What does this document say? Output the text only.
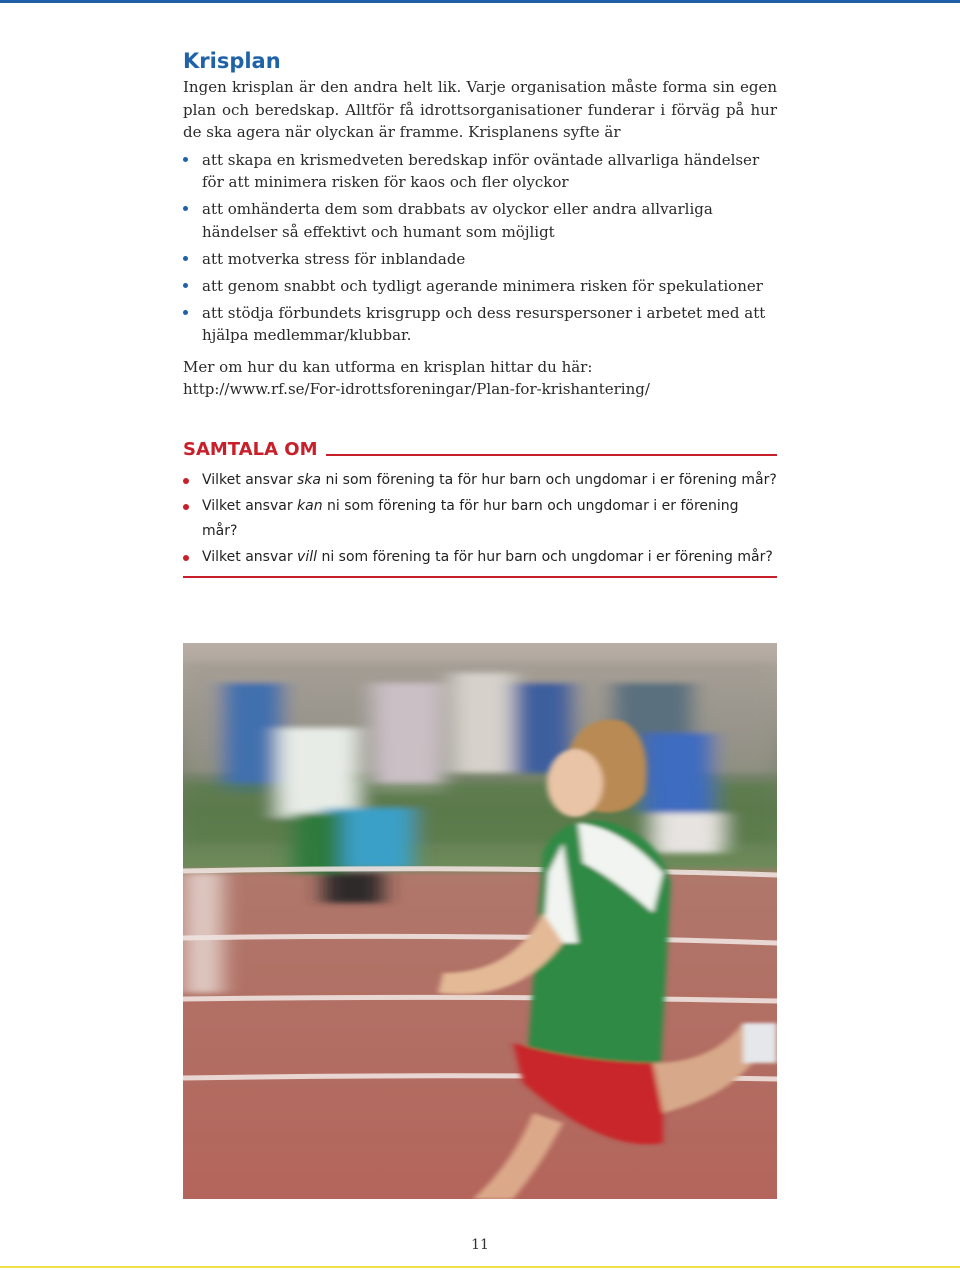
Krisplan

Ingen krisplan är den andra helt lik. Varje organisation måste forma sin egen plan och beredskap. Alltför få idrottsorganisationer funderar i förväg på hur de ska agera när olyckan är framme. Krisplanens syfte är

att skapa en krismedveten beredskap inför oväntade allvarliga händelser för att minimera risken för kaos och fler olyckor
att omhänderta dem som drabbats av olyckor eller andra allvarliga händelser så effektivt och humant som möjligt
att motverka stress för inblandade
att genom snabbt och tydligt agerande minimera risken för spekulationer
att stödja förbundets krisgrupp och dess resurspersoner i arbetet med att hjälpa medlemmar/klubbar.
Mer om hur du kan utforma en krisplan hittar du här:
http://www.rf.se/For-idrottsforeningar/Plan-for-krishantering/
SAMTALA OM
Vilket ansvar ska ni som förening ta för hur barn och ungdomar i er förening mår?
Vilket ansvar kan ni som förening ta för hur barn och ungdomar i er förening mår?
Vilket ansvar vill ni som förening ta för hur barn och ungdomar i er förening mår?
11
